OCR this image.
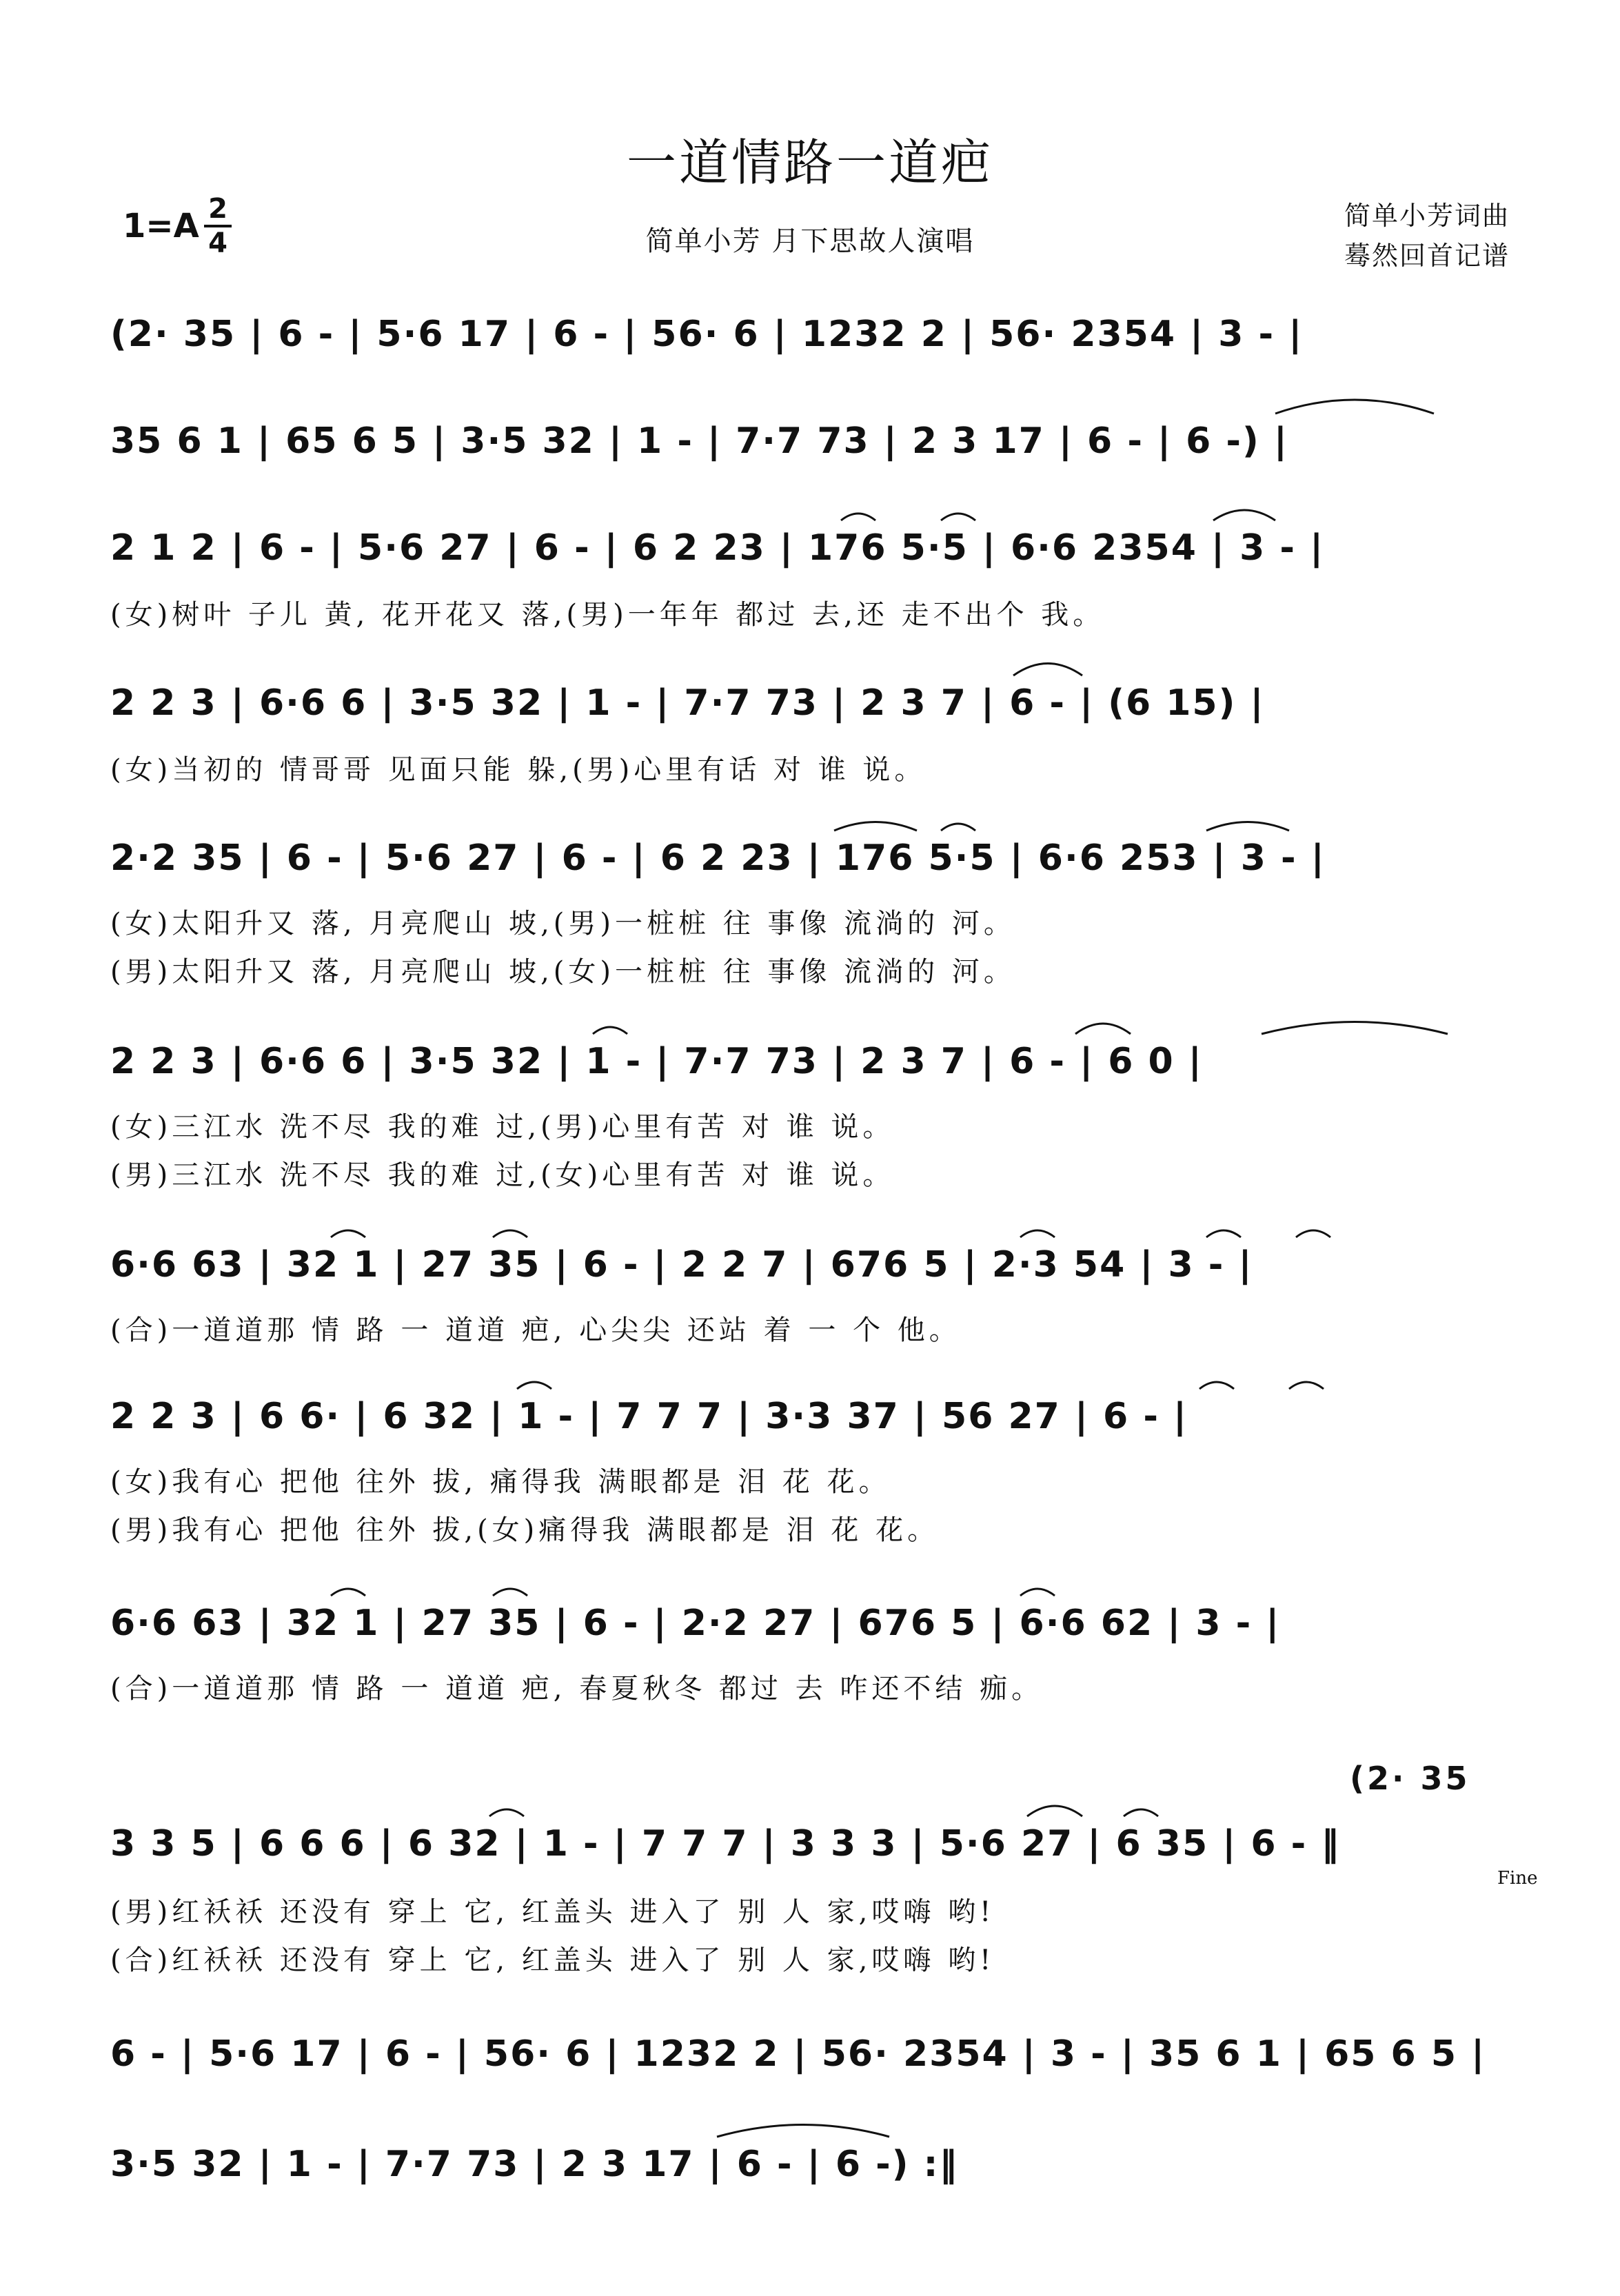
一道情路一道疤
1=A 2
4	简单小芳 月下思故人演唱
简单小芳词曲
蓦然回首记谱
(2· 35 | 6 - | 5·6 17 | 6 - | 56· 6 | 1232 2 | 56· 2354 | 3 - |
35 6 1 | 65 6 5 | 3·5 32 | 1 - | 7·7 73 | 2 3 17 | 6 - | 6 -) |
2 1 2 | 6 - | 5·6 27 | 6 - | 6 2 23 | 176 5·5 | 6·6 2354 | 3 - |
(女)树叶 子儿 黄, 花开花又 落,(男)一年年 都过 去,还 走不出个 我。
2 2 3 | 6·6 6 | 3·5 32 | 1 - | 7·7 73 | 2 3 7 | 6 - | (6 15) |
(女)当初的 情哥哥 见面只能 躲,(男)心里有话 对 谁 说。
2·2 35 | 6 - | 5·6 27 | 6 - | 6 2 23 | 176 5·5 | 6·6 253 | 3 - |
(女)太阳升又 落, 月亮爬山 坡,(男)一桩桩 往 事像 流淌的 河。
(男)太阳升又 落, 月亮爬山 坡,(女)一桩桩 往 事像 流淌的 河。
2 2 3 | 6·6 6 | 3·5 32 | 1 - | 7·7 73 | 2 3 7 | 6 - | 6 0 |
(女)三江水 洗不尽 我的难 过,(男)心里有苦 对 谁 说。
(男)三江水 洗不尽 我的难 过,(女)心里有苦 对 谁 说。
6·6 63 | 32 1 | 27 35 | 6 - | 2 2 7 | 676 5 | 2·3 54 | 3 - |
(合)一道道那 情 路 一 道道 疤, 心尖尖 还站 着 一 个 他。
2 2 3 | 6 6· | 6 32 | 1 - | 7 7 7 | 3·3 37 | 56 27 | 6 - |
(女)我有心 把他 往外 拔, 痛得我 满眼都是 泪 花 花。
(男)我有心 把他 往外 拔,(女)痛得我 满眼都是 泪 花 花。
6·6 63 | 32 1 | 27 35 | 6 - | 2·2 27 | 676 5 | 6·6 62 | 3 - |
(合)一道道那 情 路 一 道道 疤, 春夏秋冬 都过 去 咋还不结 痂。
(2· 35
3 3 5 | 6 6 6 | 6 32 | 1 - | 7 7 7 | 3 3 3 | 5·6 27 | 6 35 | 6 - ‖
(男)红袄袄 还没有 穿上 它, 红盖头 进入了 别 人 家,哎嗨 哟!
(合)红袄袄 还没有 穿上 它, 红盖头 进入了 别 人 家,哎嗨 哟!
Fine
6 - | 5·6 17 | 6 - | 56· 6 | 1232 2 | 56· 2354 | 3 - | 35 6 1 | 65 6 5 |
3·5 32 | 1 - | 7·7 73 | 2 3 17 | 6 - | 6 -) :‖
